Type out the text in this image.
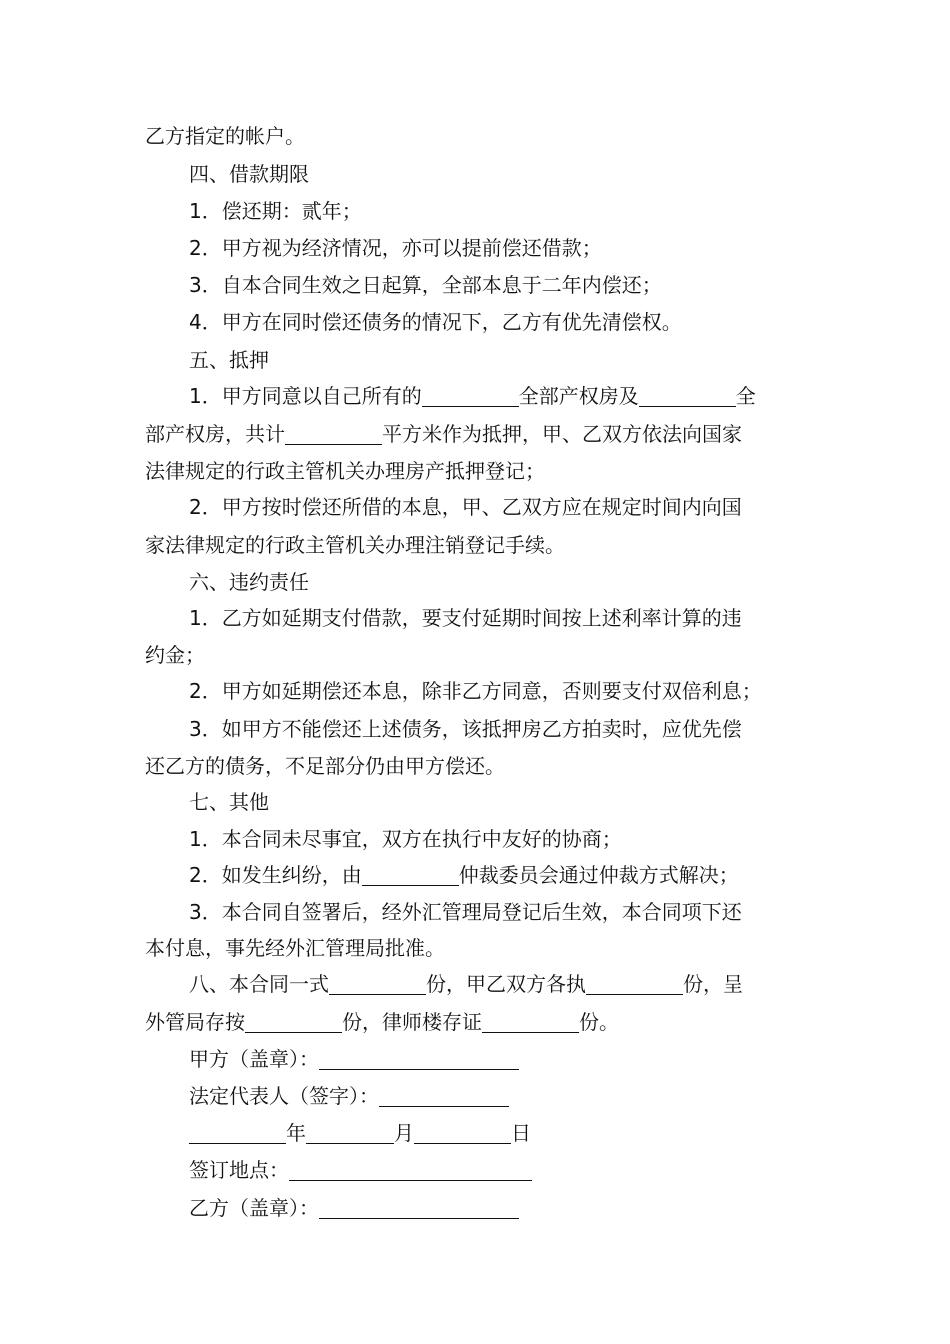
乙方指定的帐户。
四、借款期限
1．偿还期：贰年；
2．甲方视为经济情况，亦可以提前偿还借款；
3．自本合同生效之日起算，全部本息于二年内偿还；
4．甲方在同时偿还债务的情况下，乙方有优先清偿权。
五、抵押
1．甲方同意以自己所有的	全部产权房及	全
部产权房，共计	平方米作为抵押，甲、乙双方依法向国家
法律规定的行政主管机关办理房产抵押登记；
2．甲方按时偿还所借的本息，甲、乙双方应在规定时间内向国
家法律规定的行政主管机关办理注销登记手续。
六、违约责任
1．乙方如延期支付借款，要支付延期时间按上述利率计算的违
约金；
2．甲方如延期偿还本息，除非乙方同意，否则要支付双倍利息；
3．如甲方不能偿还上述债务，该抵押房乙方拍卖时，应优先偿
还乙方的债务，不足部分仍由甲方偿还。
七、其他
1．本合同未尽事宜，双方在执行中友好的协商；
2．如发生纠纷，由	仲裁委员会通过仲裁方式解决；
3．本合同自签署后，经外汇管理局登记后生效，本合同项下还
本付息，事先经外汇管理局批准。
八、本合同一式	份，甲乙双方各执	份，呈
外管局存按	份，律师楼存证	份。
甲方（盖章）：
法定代表人（签字）：
年	月	日
签订地点：
乙方（盖章）：
